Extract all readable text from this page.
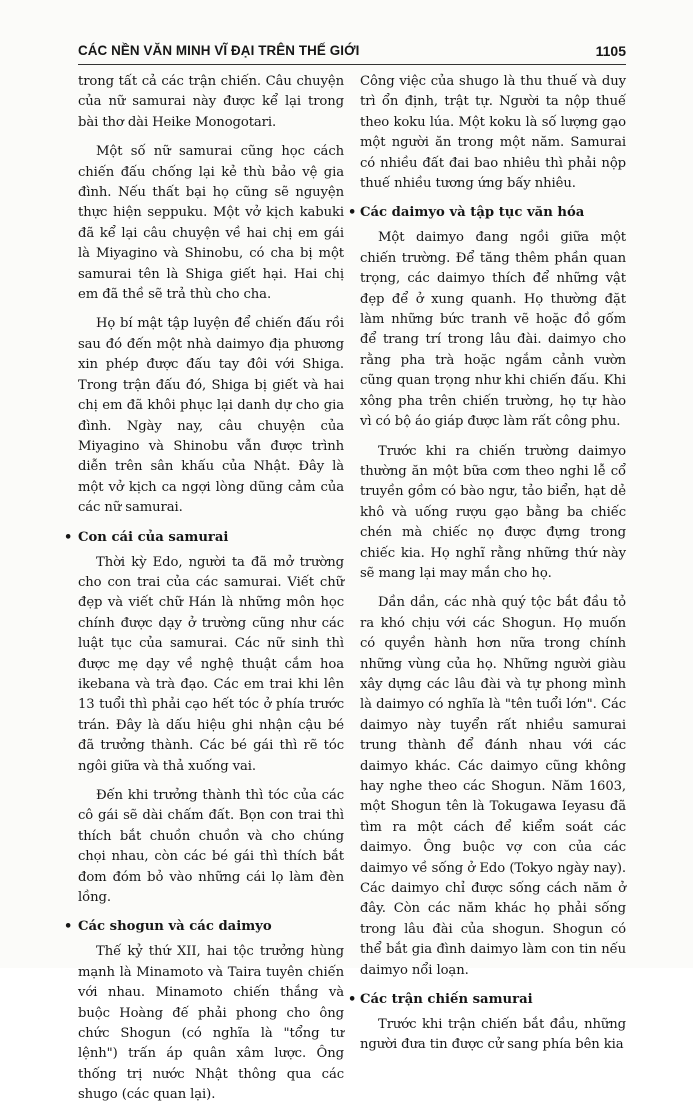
CÁC NỀN VĂN MINH VĨ ĐẠI TRÊN THẾ GIỚI	1105

trong tất cả các trận chiến. Câu chuyện của nữ samurai này được kể lại trong bài thơ dài Heike Monogotari.

Một số nữ samurai cũng học cách chiến đấu chống lại kẻ thù bảo vệ gia đình. Nếu thất bại họ cũng sẽ nguyện thực hiện seppuku. Một vở kịch kabuki đã kể lại câu chuyện về hai chị em gái là Miyagino và Shinobu, có cha bị một samurai tên là Shiga giết hại. Hai chị em đã thề sẽ trả thù cho cha.

Họ bí mật tập luyện để chiến đấu rồi sau đó đến một nhà daimyo địa phương xin phép được đấu tay đôi với Shiga. Trong trận đấu đó, Shiga bị giết và hai chị em đã khôi phục lại danh dự cho gia đình. Ngày nay, câu chuyện của Miyagino và Shinobu vẫn được trình diễn trên sân khấu của Nhật. Đây là một vở kịch ca ngợi lòng dũng cảm của các nữ samurai.

• Con cái của samurai

Thời kỳ Edo, người ta đã mở trường cho con trai của các samurai. Viết chữ đẹp và viết chữ Hán là những môn học chính được dạy ở trường cũng như các luật tục của samurai. Các nữ sinh thì được mẹ dạy về nghệ thuật cắm hoa ikebana và trà đạo. Các em trai khi lên 13 tuổi thì phải cạo hết tóc ở phía trước trán. Đây là dấu hiệu ghi nhận cậu bé đã trưởng thành. Các bé gái thì rẽ tóc ngôi giữa và thả xuống vai.

Đến khi trưởng thành thì tóc của các cô gái sẽ dài chấm đất. Bọn con trai thì thích bắt chuồn chuồn và cho chúng chọi nhau, còn các bé gái thì thích bắt đom đóm bỏ vào những cái lọ làm đèn lồng.

• Các shogun và các daimyo

Thế kỷ thứ XII, hai tộc trưởng hùng mạnh là Minamoto và Taira tuyên chiến với nhau. Minamoto chiến thắng và buộc Hoàng đế phải phong cho ông chức Shogun (có nghĩa là "tổng tư lệnh") trấn áp quân xâm lược. Ông thống trị nước Nhật thông qua các shugo (các quan lại).

Công việc của shugo là thu thuế và duy trì ổn định, trật tự. Người ta nộp thuế theo koku lúa. Một koku là số lượng gạo một người ăn trong một năm. Samurai có nhiều đất đai bao nhiêu thì phải nộp thuế nhiều tương ứng bấy nhiêu.

• Các daimyo và tập tục văn hóa

Một daimyo đang ngồi giữa một chiến trường. Để tăng thêm phần quan trọng, các daimyo thích để những vật đẹp để ở xung quanh. Họ thường đặt làm những bức tranh vẽ hoặc đồ gốm để trang trí trong lâu đài. daimyo cho rằng pha trà hoặc ngắm cảnh vườn cũng quan trọng như khi chiến đấu. Khi xông pha trên chiến trường, họ tự hào vì có bộ áo giáp được làm rất công phu.

Trước khi ra chiến trường daimyo thường ăn một bữa cơm theo nghi lễ cổ truyền gồm có bào ngư, tảo biển, hạt dẻ khô và uống rượu gạo bằng ba chiếc chén mà chiếc nọ được đựng trong chiếc kia. Họ nghĩ rằng những thứ này sẽ mang lại may mắn cho họ.

Dần dần, các nhà quý tộc bắt đầu tỏ ra khó chịu với các Shogun. Họ muốn có quyền hành hơn nữa trong chính những vùng của họ. Những người giàu xây dựng các lâu đài và tự phong mình là daimyo có nghĩa là "tên tuổi lớn". Các daimyo này tuyển rất nhiều samurai trung thành để đánh nhau với các daimyo khác. Các daimyo cũng không hay nghe theo các Shogun. Năm 1603, một Shogun tên là Tokugawa Ieyasu đã tìm ra một cách để kiểm soát các daimyo. Ông buộc vợ con của các daimyo về sống ở Edo (Tokyo ngày nay). Các daimyo chỉ được sống cách năm ở đây. Còn các năm khác họ phải sống trong lâu đài của shogun. Shogun có thể bắt gia đình daimyo làm con tin nếu daimyo nổi loạn.

• Các trận chiến samurai

Trước khi trận chiến bắt đầu, những người đưa tin được cử sang phía bên kia
